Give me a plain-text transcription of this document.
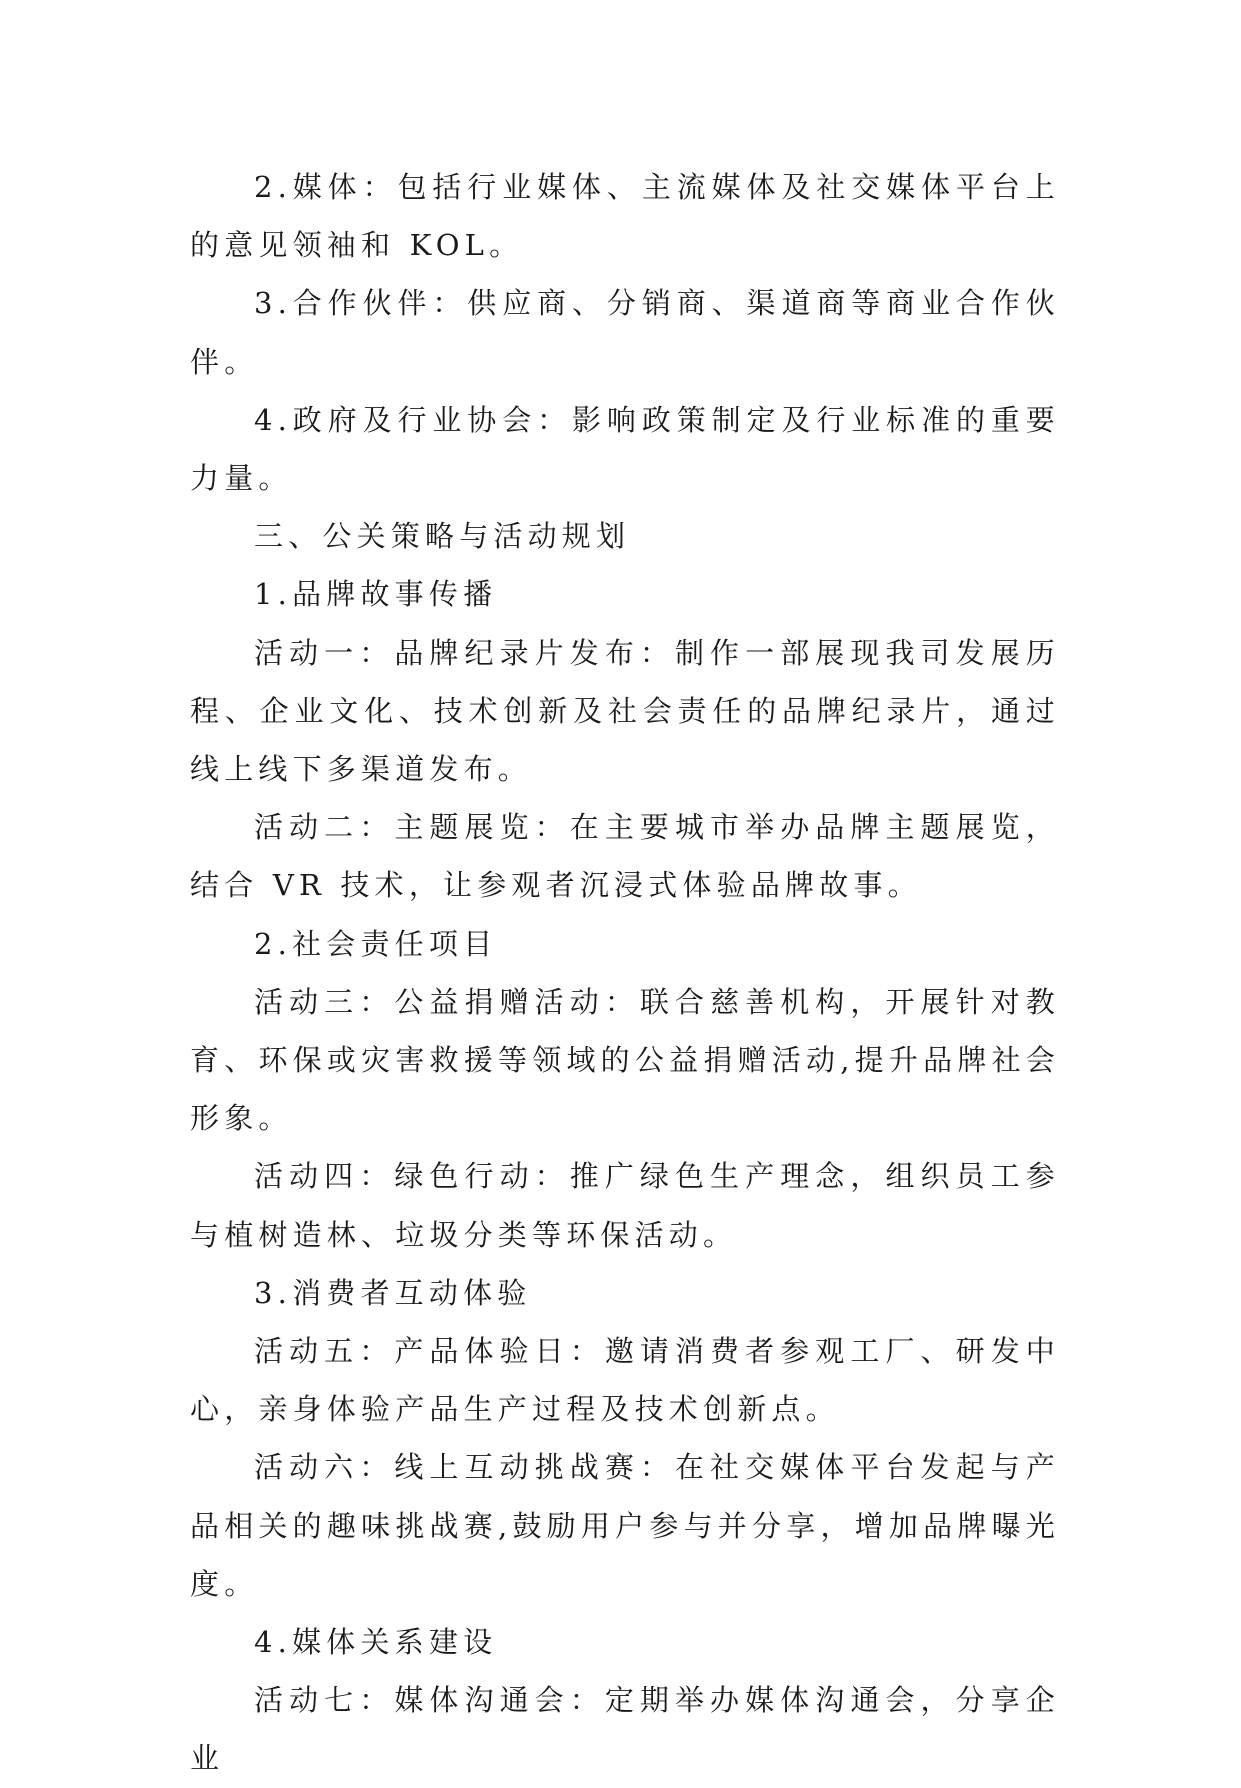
2.媒体：包括行业媒体、主流媒体及社交媒体平台上的意见领袖和 KOL。

3.合作伙伴：供应商、分销商、渠道商等商业合作伙伴。

4.政府及行业协会：影响政策制定及行业标准的重要力量。

三、公关策略与活动规划

1.品牌故事传播

活动一：品牌纪录片发布：制作一部展现我司发展历程、企业文化、技术创新及社会责任的品牌纪录片，通过线上线下多渠道发布。

活动二：主题展览：在主要城市举办品牌主题展览，结合 VR 技术，让参观者沉浸式体验品牌故事。

2.社会责任项目

活动三：公益捐赠活动：联合慈善机构，开展针对教育、环保或灾害救援等领域的公益捐赠活动,提升品牌社会形象。

活动四：绿色行动：推广绿色生产理念，组织员工参与植树造林、垃圾分类等环保活动。

3.消费者互动体验

活动五：产品体验日：邀请消费者参观工厂、研发中心，亲身体验产品生产过程及技术创新点。

活动六：线上互动挑战赛：在社交媒体平台发起与产品相关的趣味挑战赛,鼓励用户参与并分享，增加品牌曝光度。

4.媒体关系建设

活动七：媒体沟通会：定期举办媒体沟通会，分享企业
